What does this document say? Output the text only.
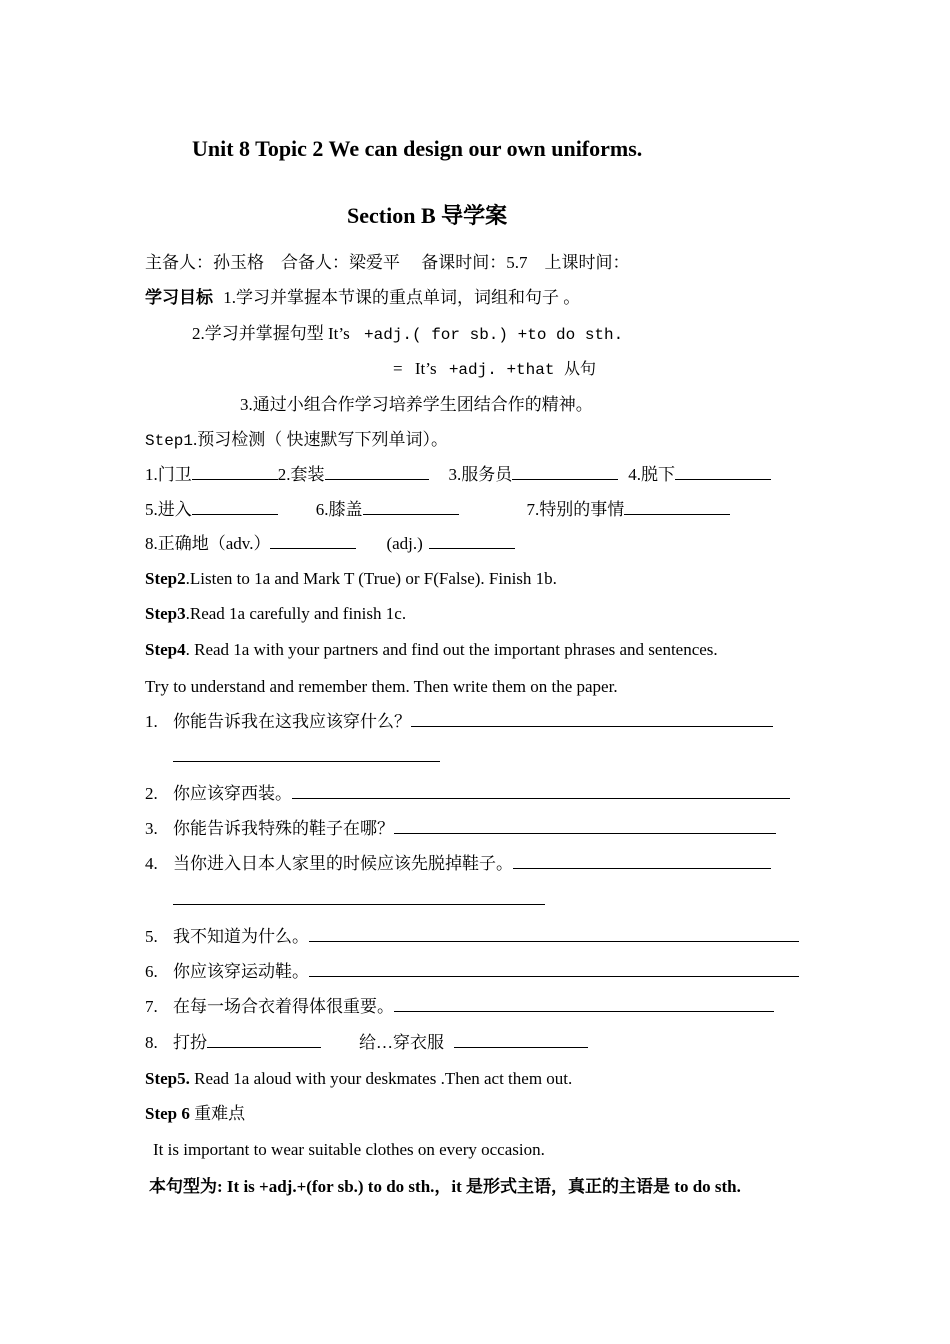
Unit 8 Topic 2 We can design our own uniforms.
Section B 导学案
主备人：孙玉格　合备人：梁爱平　 备课时间：5.7　上课时间：
学习目标 1.学习并掌握本节课的重点单词，词组和句子 。
2.学习并掌握句型 It’s +adj.( for sb.) +to do sth.
= It’s +adj. +that 从句
3.通过小组合作学习培养学生团结合作的精神。
Step1.预习检测（ 快速默写下列单词）。
1.门卫	2.套装	3.服务员	4.脱下
5.进入	6.膝盖	7.特别的事情
8.正确地（adv.）	(adj.)
Step2.Listen to 1a and Mark T (True) or F(False). Finish 1b.
Step3.Read 1a carefully and finish 1c.
Step4. Read 1a with your partners and find out the important phrases and sentences.
Try to understand and remember them. Then write them on the paper.
1. 你能告诉我在这我应该穿什么？
2. 你应该穿西装。
3. 你能告诉我特殊的鞋子在哪？
4. 当你进入日本人家里的时候应该先脱掉鞋子。
5. 我不知道为什么。
6. 你应该穿运动鞋。
7. 在每一场合衣着得体很重要。
8. 打扮	给…穿衣服
Step5. Read 1a aloud with your deskmates .Then act them out.
Step 6 重难点
It is important to wear suitable clothes on every occasion.
本句型为: It is +adj.+(for sb.) to do sth.，it 是形式主语，真正的主语是 to do sth.
